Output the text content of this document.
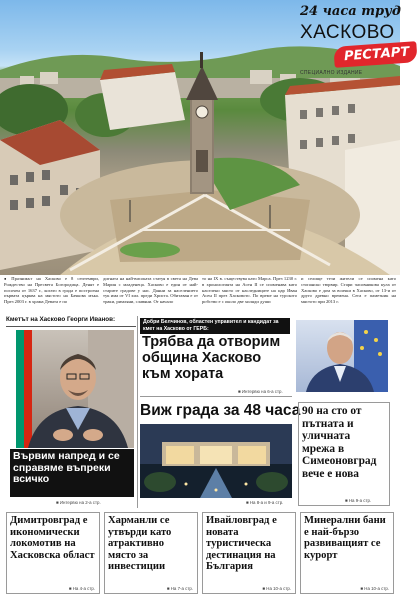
24 часа труд
ХАСКОВО
РЕСТАРТ
СПЕЦИАЛНО ИЗДАНИЕ
● Празникът на Хасково е 8 септември, Рождество на Пресвета Богородица. Денят е посочен от 1637 г., когато в града е построена първата църква на мястото на Бачкова мъка. През 2003 г. в храма Девата е по
дигната на най-високата статуя в света на Дева Мария с младенеца. Хасково е един от най-старите градове у нас. Данни за населението тук има от VI хил. преди Христа. Обитаван е от траки, римляни, славяни. От начало
то на IX в. съществува като Марса. През 1230 г. в хронологията на Асен II се споменава като населено място от наследниците на цар Иван Асен II през Хасковото. По време на турското робство е с около две хиляди души
и селище тези жители се спомена като стопанско тюрвир. Стари часовникова кула от Хасково е дом за всички в Хасково, от 13-и от друго древно времена. Сега е паметник на мястото при 2013 г.
Кметът на Хасково Георги Иванов:
Вървим напред и се справяме въпреки всичко
■ Интервю на 2-а стр.
Добри Белчинов, областен управител и кандидат за кмет на Хасково от ГЕРБ:
Трябва да отворим община Хасково към хората
■ Интервю на 6-а стр.
Виж града за 48 часа
■ На 8-а и 9-а стр.
90 на сто от пътната и уличната мрежа в Симеоновград вече е нова
■ На 9-а стр.
Димитровград е икономически локомотив на Хасковска област
■ На 4-а стр.
Харманли се утвърди като атрактивно място за инвестиции
■ На 7-а стр.
Ивайловград е новата туристическа дестинация на България
■ На 10-а стр.
Минерални бани е най-бързо развиващият се курорт
■ На 10-а стр.
